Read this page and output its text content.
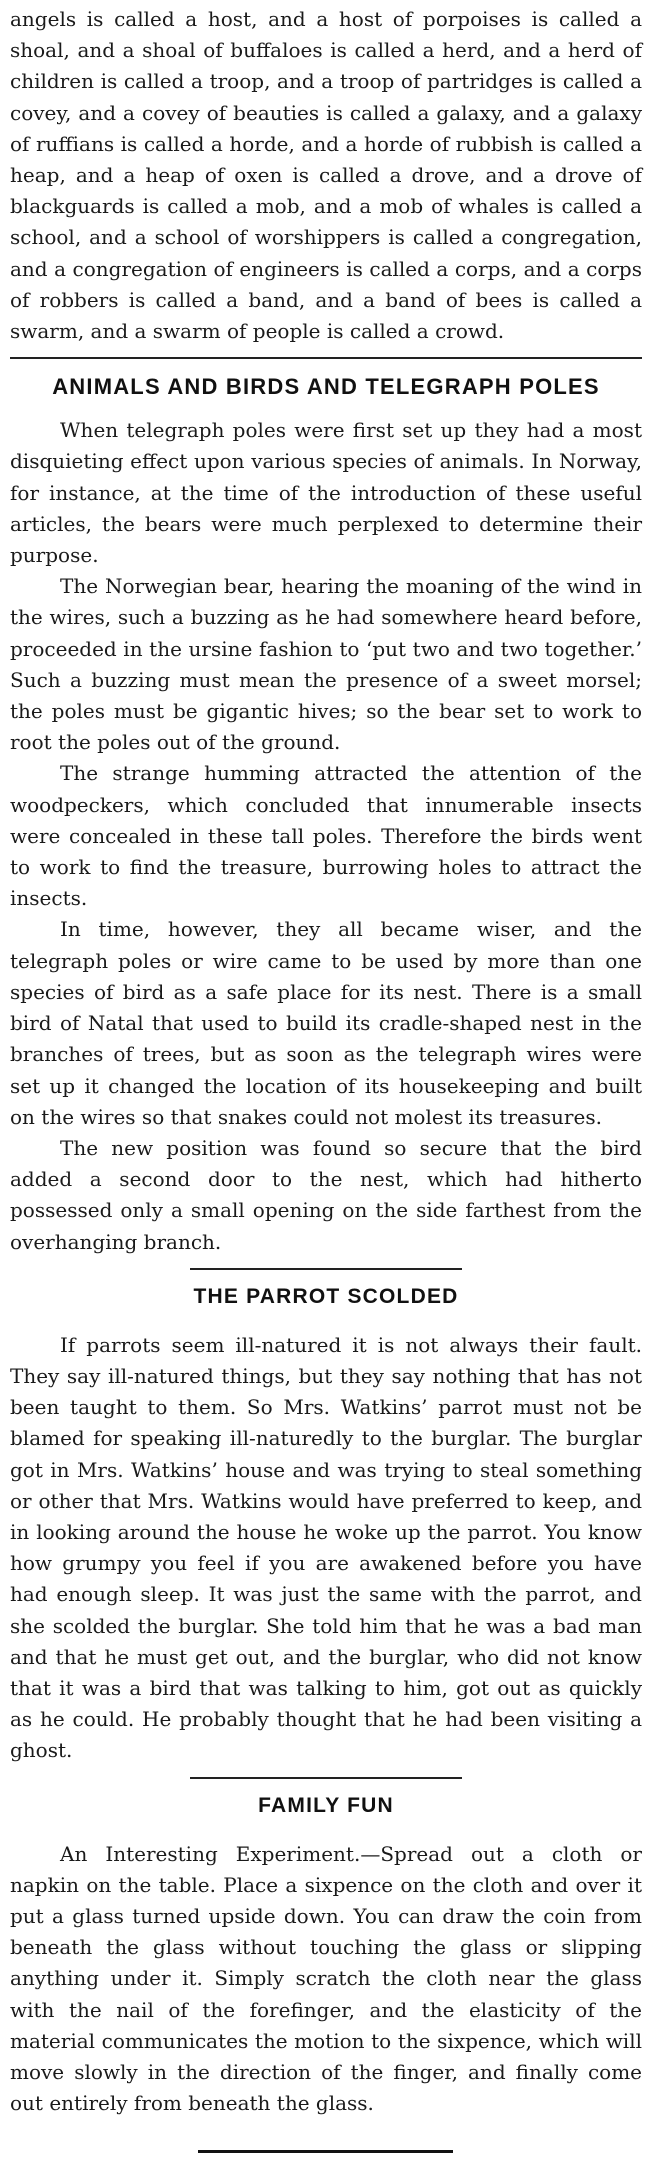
angels is called a host, and a host of porpoises is called a shoal, and a shoal of buffaloes is called a herd, and a herd of children is called a troop, and a troop of partridges is called a covey, and a covey of beauties is called a galaxy, and a galaxy of ruffians is called a horde, and a horde of rubbish is called a heap, and a heap of oxen is called a drove, and a drove of blackguards is called a mob, and a mob of whales is called a school, and a school of worshippers is called a congregation, and a congregation of engineers is called a corps, and a corps of robbers is called a band, and a band of bees is called a swarm, and a swarm of people is called a crowd.

ANIMALS AND BIRDS AND TELEGRAPH POLES

When telegraph poles were first set up they had a most disquieting effect upon various species of animals. In Norway, for instance, at the time of the introduction of these useful articles, the bears were much perplexed to determine their purpose.

The Norwegian bear, hearing the moaning of the wind in the wires, such a buzzing as he had somewhere heard before, proceeded in the ursine fashion to ‘put two and two together.’ Such a buzzing must mean the presence of a sweet morsel; the poles must be gigantic hives; so the bear set to work to root the poles out of the ground.

The strange humming attracted the attention of the woodpeckers, which concluded that innumerable insects were concealed in these tall poles. Therefore the birds went to work to find the treasure, burrowing holes to attract the insects.

In time, however, they all became wiser, and the telegraph poles or wire came to be used by more than one species of bird as a safe place for its nest. There is a small bird of Natal that used to build its cradle-shaped nest in the branches of trees, but as soon as the telegraph wires were set up it changed the location of its housekeeping and built on the wires so that snakes could not molest its treasures.

The new position was found so secure that the bird added a second door to the nest, which had hitherto possessed only a small opening on the side farthest from the overhanging branch.

THE PARROT SCOLDED

If parrots seem ill-natured it is not always their fault. They say ill-natured things, but they say nothing that has not been taught to them. So Mrs. Watkins’ parrot must not be blamed for speaking ill-naturedly to the burglar. The burglar got in Mrs. Watkins’ house and was trying to steal something or other that Mrs. Watkins would have preferred to keep, and in looking around the house he woke up the parrot. You know how grumpy you feel if you are awakened before you have had enough sleep. It was just the same with the parrot, and she scolded the burglar. She told him that he was a bad man and that he must get out, and the burglar, who did not know that it was a bird that was talking to him, got out as quickly as he could. He probably thought that he had been visiting a ghost.

FAMILY FUN

An Interesting Experiment.—Spread out a cloth or napkin on the table. Place a sixpence on the cloth and over it put a glass turned upside down. You can draw the coin from beneath the glass without touching the glass or slipping anything under it. Simply scratch the cloth near the glass with the nail of the forefinger, and the elasticity of the material communicates the motion to the sixpence, which will move slowly in the direction of the finger, and finally come out entirely from beneath the glass.
